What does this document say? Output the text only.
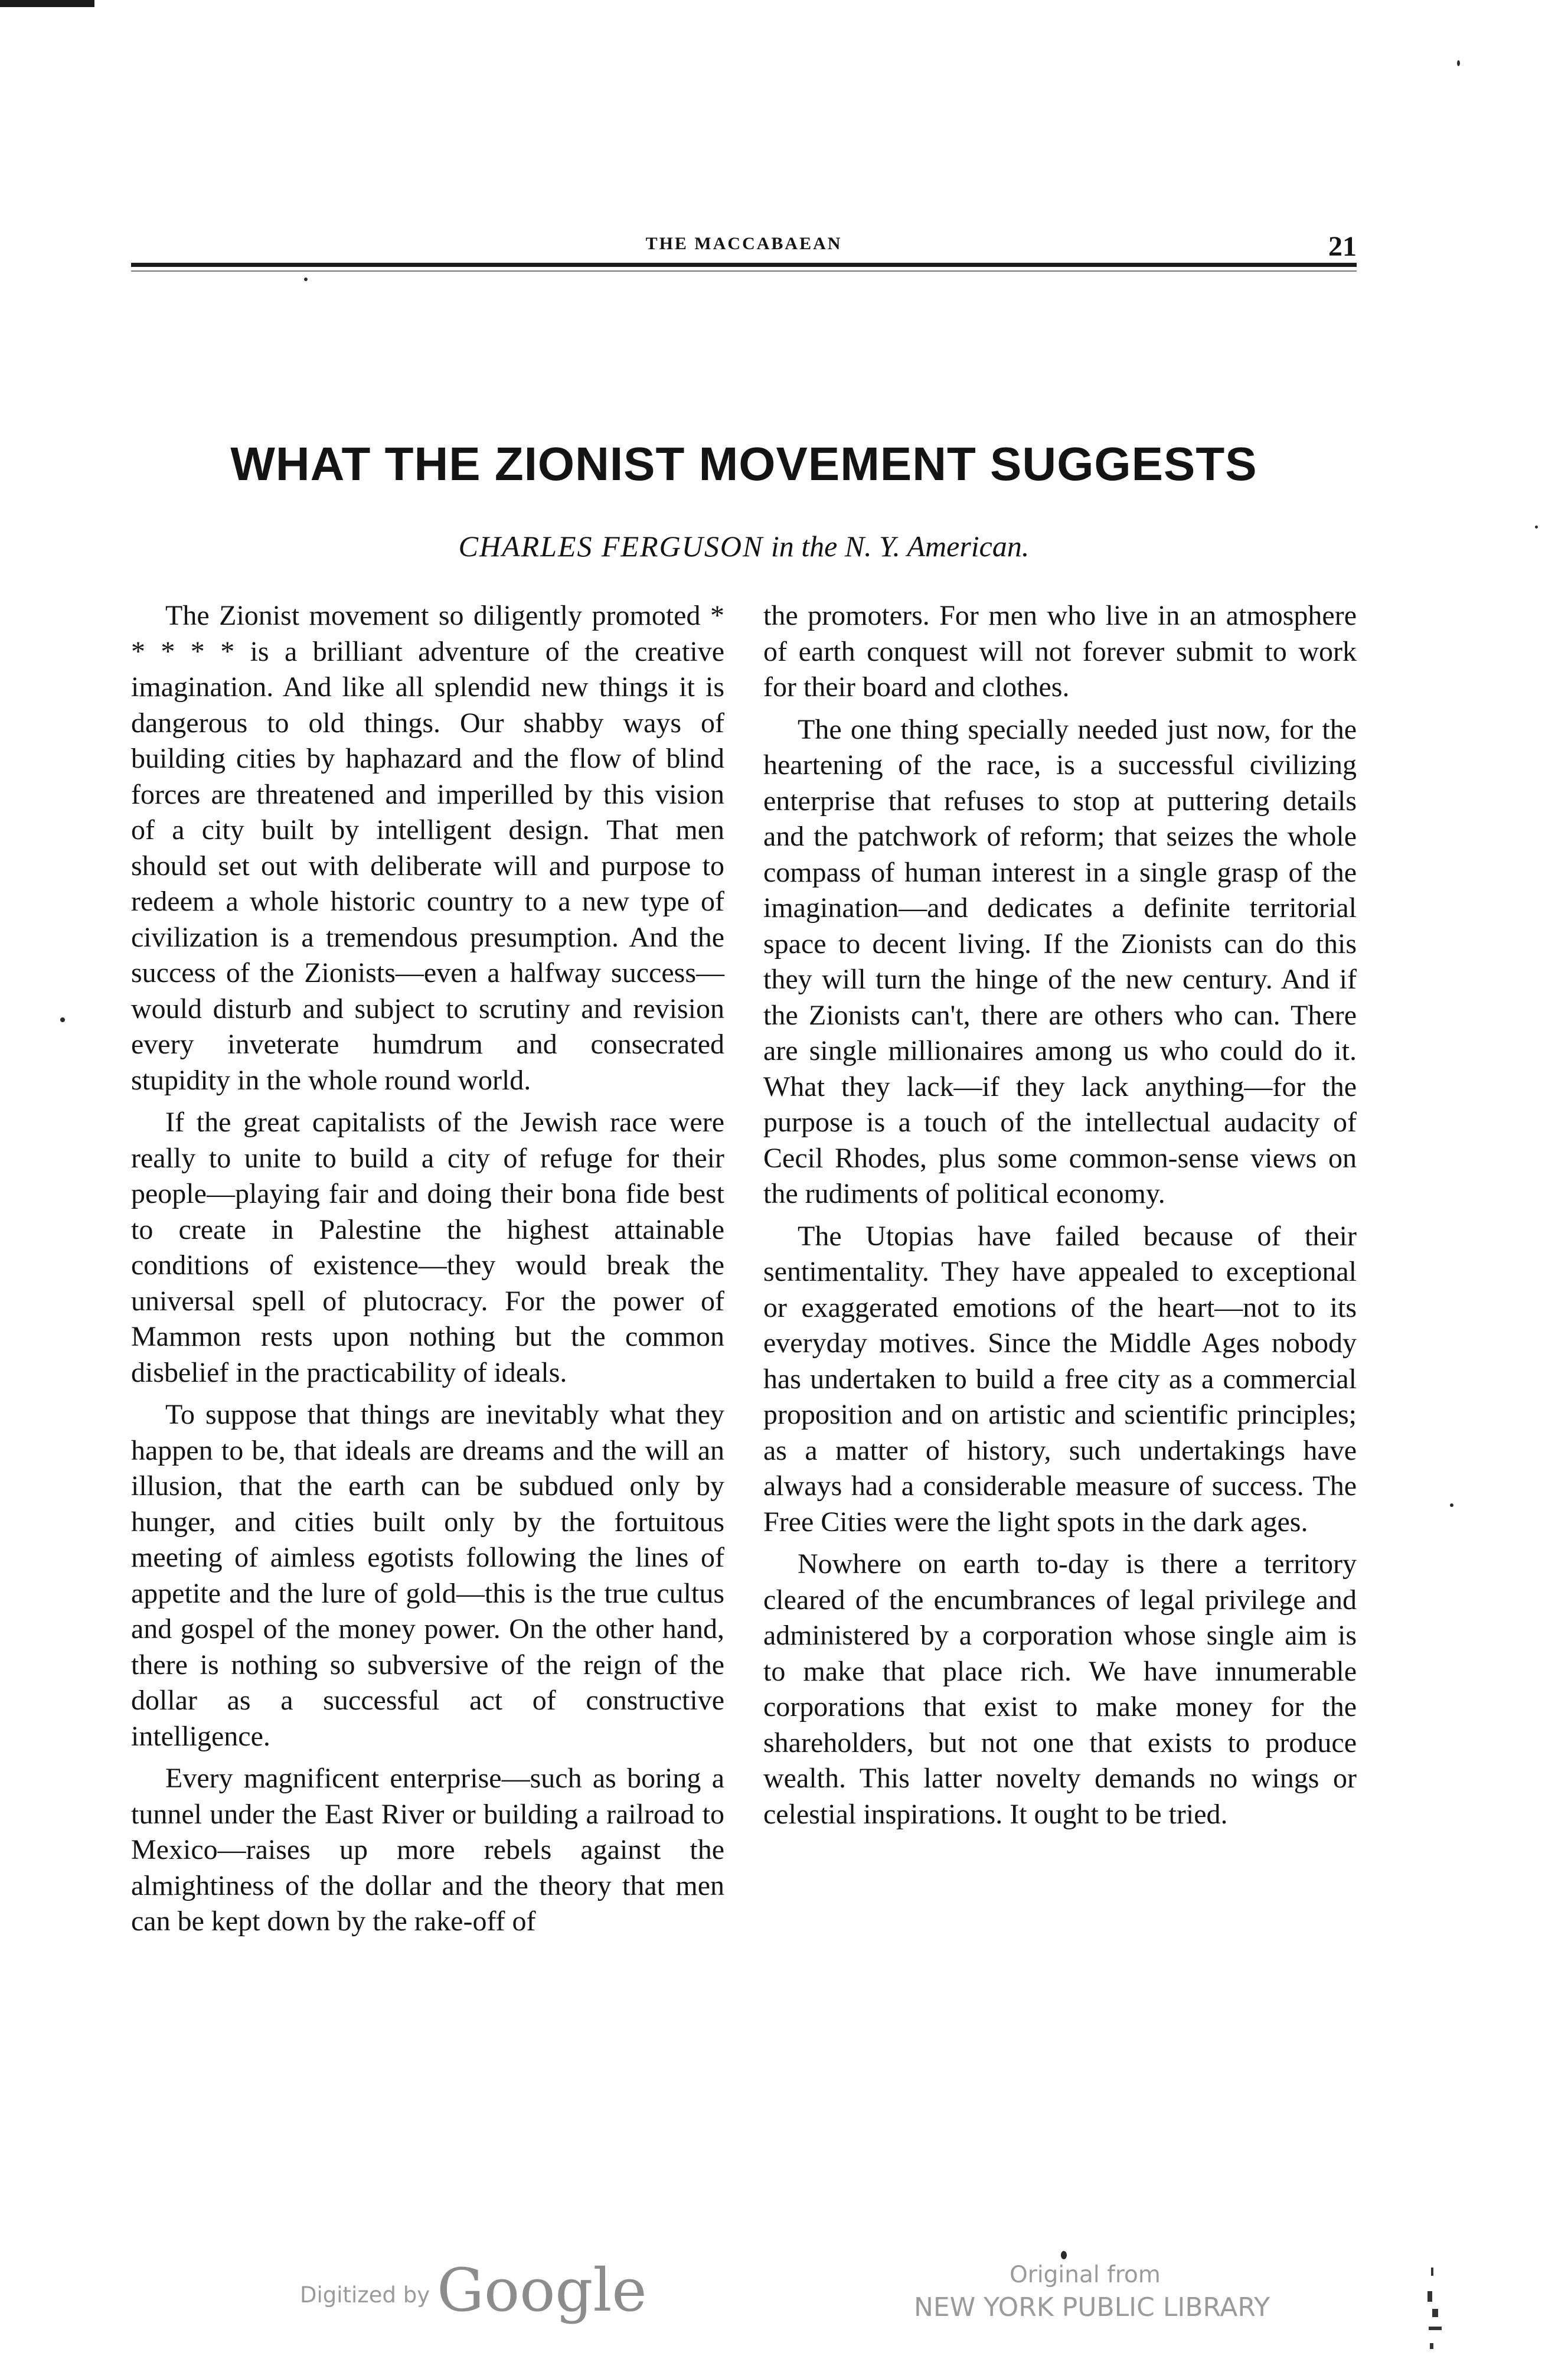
THE MACCABAEAN	21
WHAT THE ZIONIST MOVEMENT SUGGESTS
CHARLES FERGUSON in the N. Y. American.

The Zionist movement so diligently promoted * * * * * is a brilliant adventure of the creative imagination. And like all splendid new things it is dangerous to old things. Our shabby ways of building cities by haphazard and the flow of blind forces are threatened and imperilled by this vision of a city built by intelligent design. That men should set out with deliberate will and purpose to redeem a whole historic country to a new type of civilization is a tremendous presumption. And the success of the Zionists—even a halfway success—would disturb and subject to scrutiny and revision every inveterate humdrum and consecrated stupidity in the whole round world.

If the great capitalists of the Jewish race were really to unite to build a city of refuge for their people—playing fair and doing their bona fide best to create in Palestine the highest attainable conditions of existence—they would break the universal spell of plutocracy. For the power of Mammon rests upon nothing but the common disbelief in the practicability of ideals.

To suppose that things are inevitably what they happen to be, that ideals are dreams and the will an illusion, that the earth can be subdued only by hunger, and cities built only by the fortuitous meeting of aimless egotists following the lines of appetite and the lure of gold—this is the true cultus and gospel of the money power. On the other hand, there is nothing so subversive of the reign of the dollar as a successful act of constructive intelligence.

Every magnificent enterprise—such as boring a tunnel under the East River or building a railroad to Mexico—raises up more rebels against the almightiness of the dollar and the theory that men can be kept down by the rake-off of

the promoters. For men who live in an atmosphere of earth conquest will not forever submit to work for their board and clothes.

The one thing specially needed just now, for the heartening of the race, is a successful civilizing enterprise that refuses to stop at puttering details and the patchwork of reform; that seizes the whole compass of human interest in a single grasp of the imagination—and dedicates a definite territorial space to decent living. If the Zionists can do this they will turn the hinge of the new century. And if the Zionists can't, there are others who can. There are single millionaires among us who could do it. What they lack—if they lack anything—for the purpose is a touch of the intellectual audacity of Cecil Rhodes, plus some common-sense views on the rudiments of political economy.

The Utopias have failed because of their sentimentality. They have appealed to exceptional or exaggerated emotions of the heart—not to its everyday motives. Since the Middle Ages nobody has undertaken to build a free city as a commercial proposition and on artistic and scientific principles; as a matter of history, such undertakings have always had a considerable measure of success. The Free Cities were the light spots in the dark ages.

Nowhere on earth to-day is there a territory cleared of the encumbrances of legal privilege and administered by a corporation whose single aim is to make that place rich. We have innumerable corporations that exist to make money for the shareholders, but not one that exists to produce wealth. This latter novelty demands no wings or celestial inspirations. It ought to be tried.

Digitized by Google	Original from
NEW YORK PUBLIC LIBRARY
